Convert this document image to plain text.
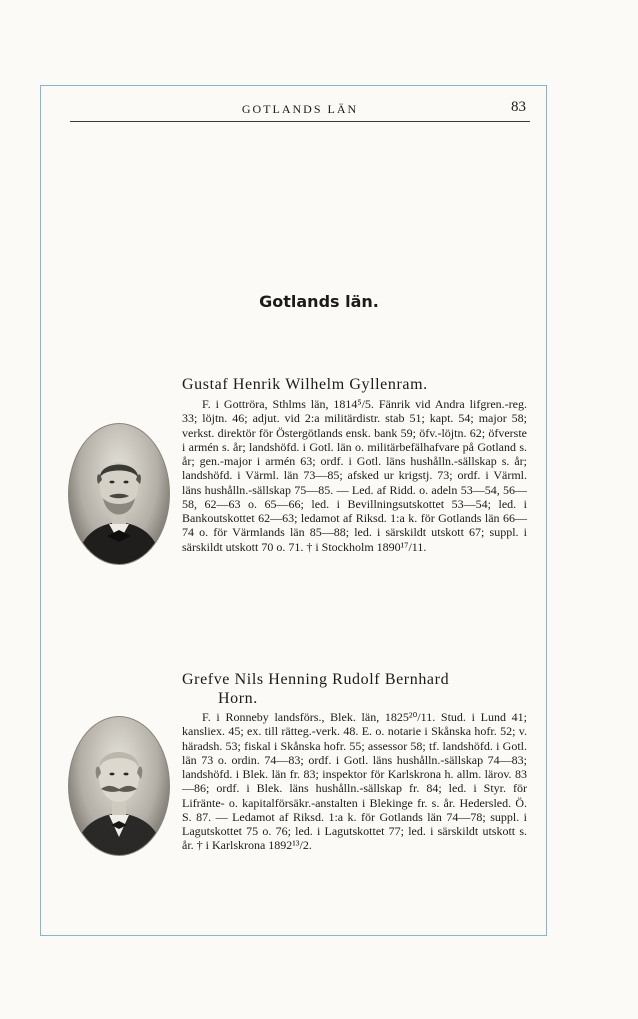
GOTLANDS LÄN	83
Gotlands län.
Gustaf Henrik Wilhelm Gyllenram.

F. i Gottröra, Sthlms län, 1814⁵/5. Fänrik vid Andra lifgren.-reg. 33; löjtn. 46; adjut. vid 2:a militärdistr. stab 51; kapt. 54; major 58; verkst. direktör för Östergötlands ensk. bank 59; öfv.-löjtn. 62; öfverste i armén s. år; landshöfd. i Gotl. län o. militärbefälhafvare på Gotland s. år; gen.-major i armén 63; ordf. i Gotl. läns hushålln.-sällskap s. år; landshöfd. i Värml. län 73—85; afsked ur krigstj. 73; ordf. i Värml. läns hushålln.-sällskap 75—85. — Led. af Ridd. o. adeln 53—54, 56—58, 62—63 o. 65—66; led. i Bevillningsutskottet 53—54; led. i Bankoutskottet 62—63; ledamot af Riksd. 1:a k. för Gotlands län 66—74 o. för Värmlands län 85—88; led. i särskildt utskott 67; suppl. i särskildt utskott 70 o. 71. † i Stockholm 1890¹⁷/11.

Grefve Nils Henning Rudolf Bernhard
Horn.

F. i Ronneby landsförs., Blek. län, 1825²⁰/11. Stud. i Lund 41; kansliex. 45; ex. till rätteg.-verk. 48. E. o. notarie i Skånska hofr. 52; v. häradsh. 53; fiskal i Skånska hofr. 55; assessor 58; tf. landshöfd. i Gotl. län 73 o. ordin. 74—83; ordf. i Gotl. läns hushålln.-sällskap 74—83; landshöfd. i Blek. län fr. 83; inspektor för Karlskrona h. allm. lärov. 83—86; ordf. i Blek. läns hushålln.-sällskap fr. 84; led. i Styr. för Lifränte- o. kapitalförsäkr.-anstalten i Blekinge fr. s. år. Hedersled. Ö. S. 87. — Ledamot af Riksd. 1:a k. för Gotlands län 74—78; suppl. i Lagutskottet 75 o. 76; led. i Lagutskottet 77; led. i särskildt utskott s. år. † i Karlskrona 1892¹³/2.
